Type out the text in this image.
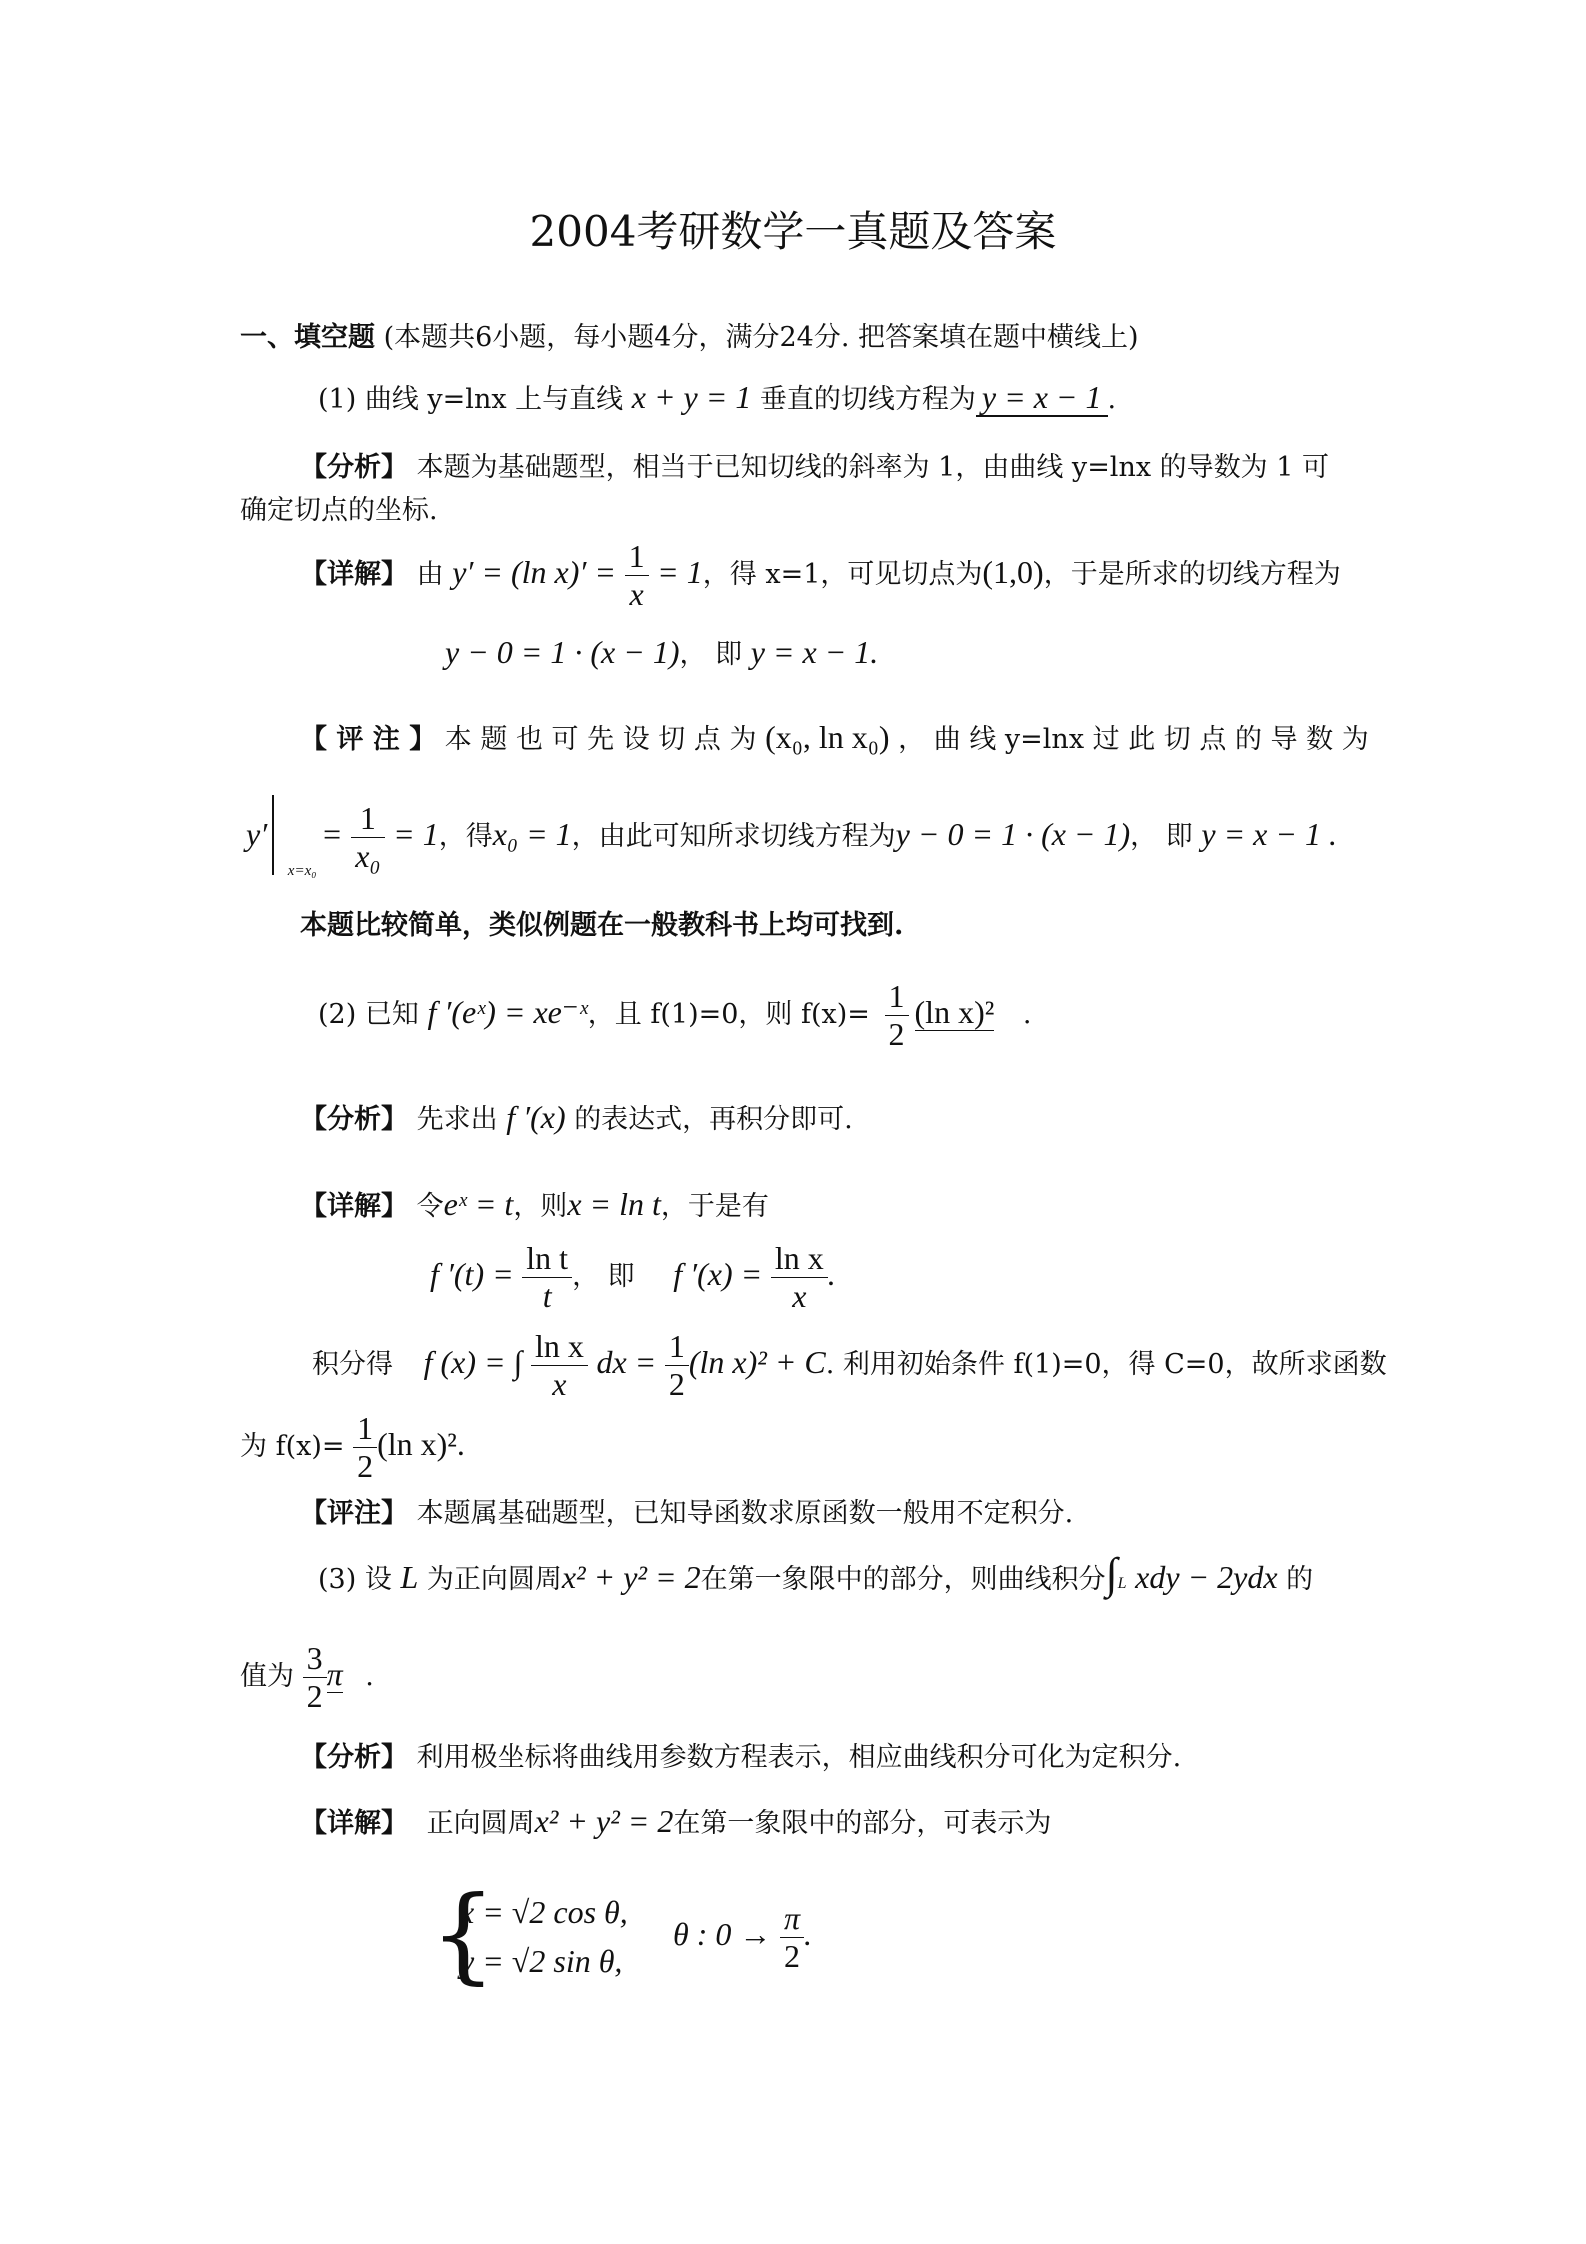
2004考研数学一真题及答案
一、填空题 (本题共6小题，每小题4分，满分24分. 把答案填在题中横线上)
(1) 曲线 y=lnx 上与直线 x + y = 1 垂直的切线方程为 y = x − 1 .
【分析】 本题为基础题型，相当于已知切线的斜率为 1，由曲线 y=lnx 的导数为 1 可
确定切点的坐标.
【详解】 由 y′ = (ln $x)' = \frac{1}{x} = 1$，得 x=1，可见切点为(1,0)，于是所求的切线方程为
y − 0 = 1 · (x − 1)， 即 y = x − 1.
【 评 注 】 本 题 也 可 先 设 切 点 为 (x₀, ln x₀) ， 曲 线 y=lnx 过 此 切 点 的 导 数 为
y′ $_{x=x_0} = \frac{1}{\text{x₀}} = 1$，得x₀ = 1，由此可知所求切线方程为y − 0 = 1 · (x − 1)， 即 y = x − 1 .
本题比较简单，类似例题在一般教科书上均可找到.
(2) 已知 f ′(eˣ) = xe⁻ˣ，且 f(1)=0，则 $f(x)= \frac{1}{2} (\ln$ x)² .
【分析】 先求出 f ′(x) 的表达式，再积分即可.
【详解】 令eˣ = t，则x = ln t，于是有
f $'(t) = \frac{\text{ln t}}{t}$ ， 即 f $'(x) = \frac{\text{ln x}}{x}$ .
积分得 f (x) = ∫ $\frac{\text{ln x}}{x}$ dx = $\frac{1}{2} (\ln$ x)² + C. 利用初始条件 f(1)=0，得 C=0，故所求函数
为 $f(x)= \frac{1}{2} (\ln$ x)².
【评注】 本题属基础题型，已知导函数求原函数一般用不定积分.
(3) 设 L 为正向圆周x² + y² = 2在第一象限中的部分，则曲线积分∫L xdy − 2ydx 的
值为 $\frac{3}{2}$ π .
【分析】 利用极坐标将曲线用参数方程表示，相应曲线积分可化为定积分.
【详解】 正向圆周x² + y² = 2在第一象限中的部分，可表示为
{
x = √2 cos θ,
y = √2 sin θ,
θ : $0 \to \frac{\pi}{2}$ .
